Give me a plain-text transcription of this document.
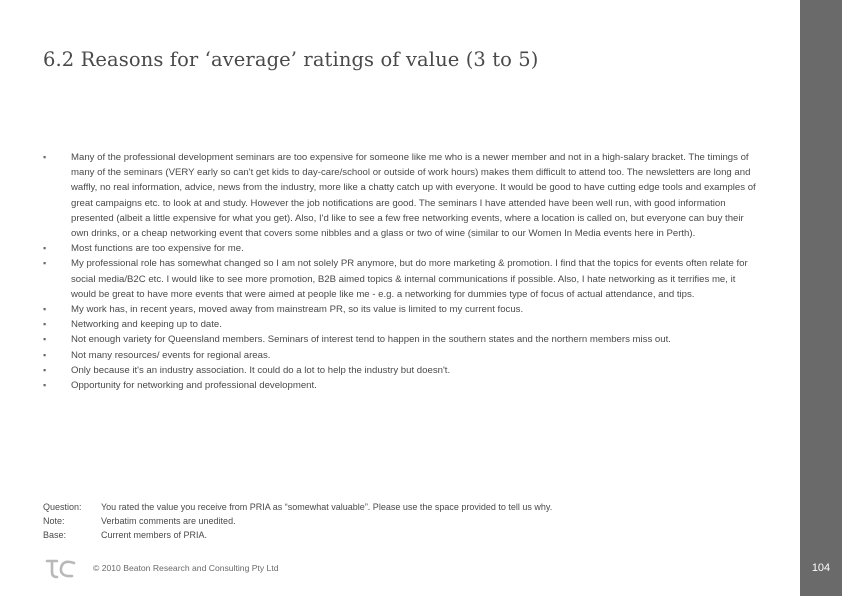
6.2 Reasons for ‘average’ ratings of value (3 to 5)
▪	Many of the professional development seminars are too expensive for someone like me who is a newer member and not in a high-salary bracket. The timings of many of the seminars (VERY early so can't get kids to day-care/school or outside of work hours) makes them difficult to attend too. The newsletters are long and waffly, no real information, advice, news from the industry, more like a chatty catch up with everyone. It would be good to have cutting edge tools and examples of great campaigns etc. to look at and study. However the job notifications are good. The seminars I have attended have been well run, with good information presented (albeit a little expensive for what you get). Also, I'd like to see a few free networking events, where a location is called on, but everyone can buy their own drinks, or a cheap networking event that covers some nibbles and a glass or two of wine (similar to our Women In Media events here in Perth).
▪	Most functions are too expensive for me.
▪	My professional role has somewhat changed so I am not solely PR anymore, but do more marketing & promotion. I find that the topics for events often relate for social media/B2C etc. I would like to see more promotion, B2B aimed topics & internal communications if possible. Also, I hate networking as it terrifies me, it would be great to have more events that were aimed at people like me - e.g. a networking for dummies type of focus of actual attendance, and tips.
▪	My work has, in recent years, moved away from mainstream PR, so its value is limited to my current focus.
▪	Networking and keeping up to date.
▪	Not enough variety for Queensland members. Seminars of interest tend to happen in the southern states and the northern members miss out.
▪	Not many resources/ events for regional areas.
▪	Only because it's an industry association. It could do a lot to help the industry but doesn't.
▪	Opportunity for networking and professional development.
Question:	You rated the value you receive from PRIA as “somewhat valuable”. Please use the space provided to tell us why.
Note:	Verbatim comments are unedited.
Base:	Current members of PRIA.
© 2010 Beaton Research and Consulting Pty Ltd	104
